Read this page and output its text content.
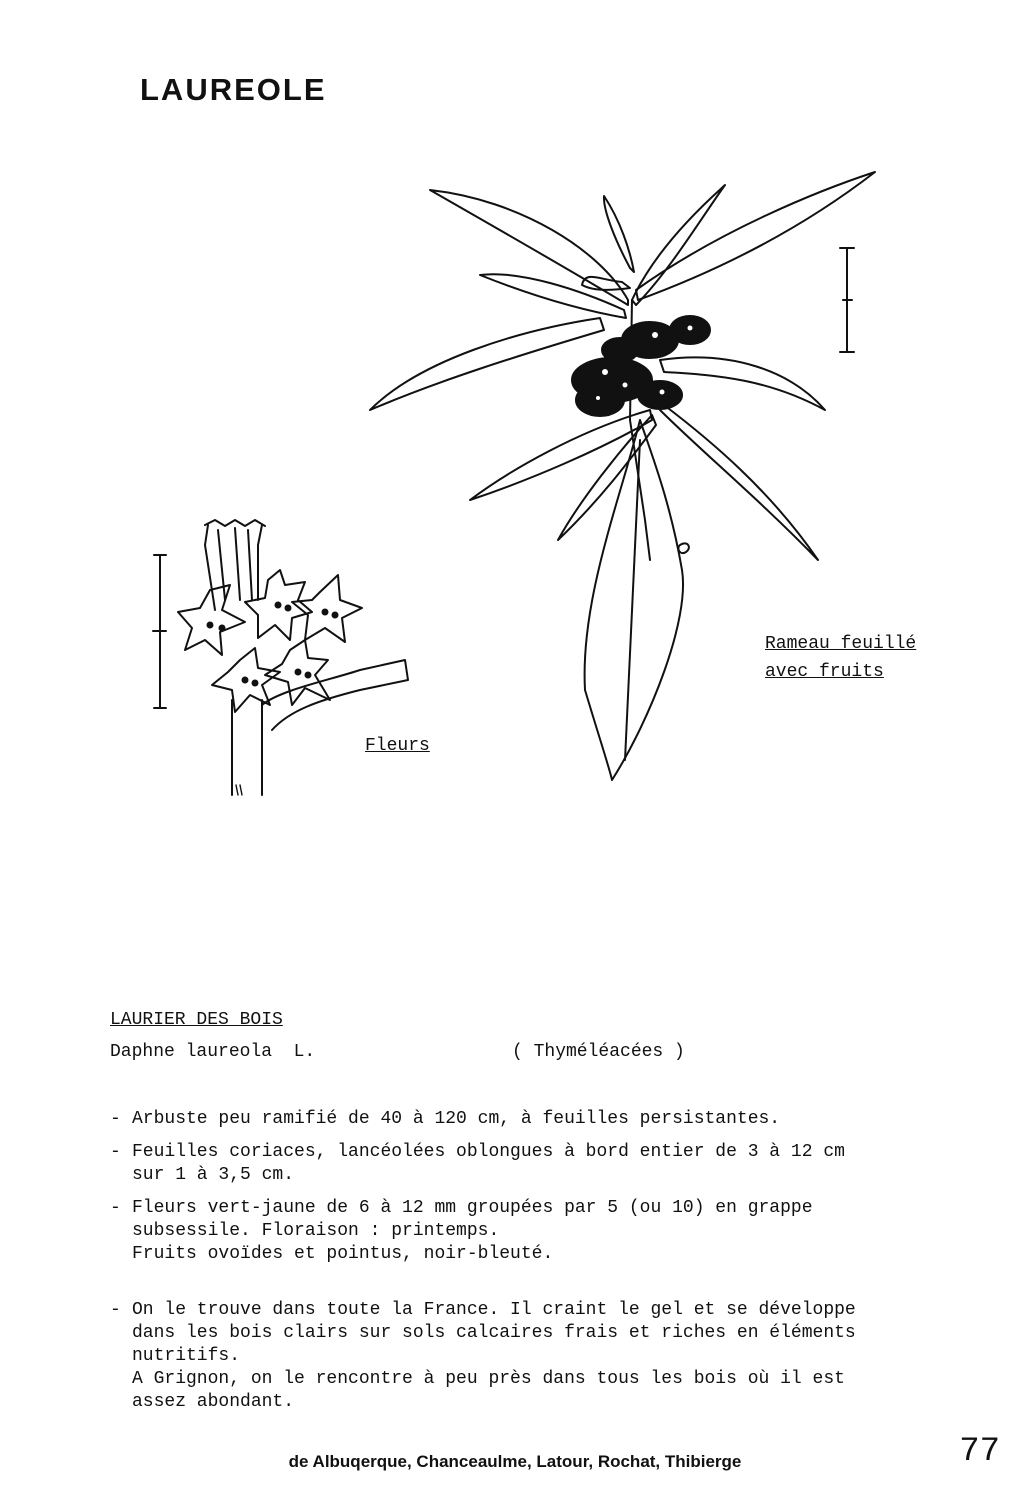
LAUREOLE
Rameau feuillé
avec fruits
Fleurs
LAURIER DES BOIS
Daphne laureola  L.	( Thyméléacées )
- Arbuste peu ramifié de 40 à 120 cm, à feuilles persistantes.
- Feuilles coriaces, lancéolées oblongues à bord entier de 3 à 12 cm
sur 1 à 3,5 cm.
- Fleurs vert-jaune de 6 à 12 mm groupées par 5 (ou 10) en grappe
subsessile. Floraison : printemps.
Fruits ovoïdes et pointus, noir-bleuté.
- On le trouve dans toute la France. Il craint le gel et se développe
dans les bois clairs sur sols calcaires frais et riches en éléments
nutritifs.
A Grignon, on le rencontre à peu près dans tous les bois où il est
assez abondant.
77
de Albuqerque, Chanceaulme, Latour, Rochat, Thibierge
